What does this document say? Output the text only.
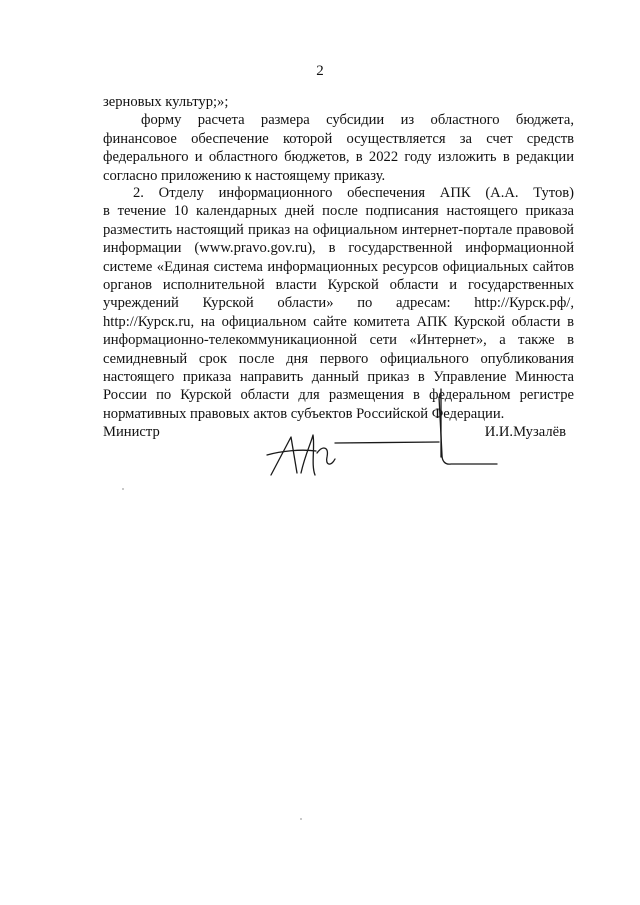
2
зерновых культур;»;
форму расчета размера субсидии из областного бюджета,
финансовое обеспечение которой осуществляется за счет средств
федерального и областного бюджетов, в 2022 году изложить в редакции
согласно приложению к настоящему приказу.
2. Отделу информационного обеспечения АПК (А.А. Тутов)
в течение 10 календарных дней после подписания настоящего приказа
разместить настоящий приказ на официальном интернет-портале правовой
информации (www.pravo.gov.ru), в государственной информационной
системе «Единая система информационных ресурсов официальных сайтов
органов исполнительной власти Курской области и государственных
учреждений Курской области» по адресам: http://Курск.рф/,
http://Курск.ru, на официальном сайте комитета АПК Курской области в
информационно-телекоммуникационной сети «Интернет», а также в
семидневный срок после дня первого официального опубликования
настоящего приказа направить данный приказ в Управление Минюста
России по Курской области для размещения в федеральном регистре
нормативных правовых актов субъектов Российской Федерации.
Министр	И.И.Музалёв
